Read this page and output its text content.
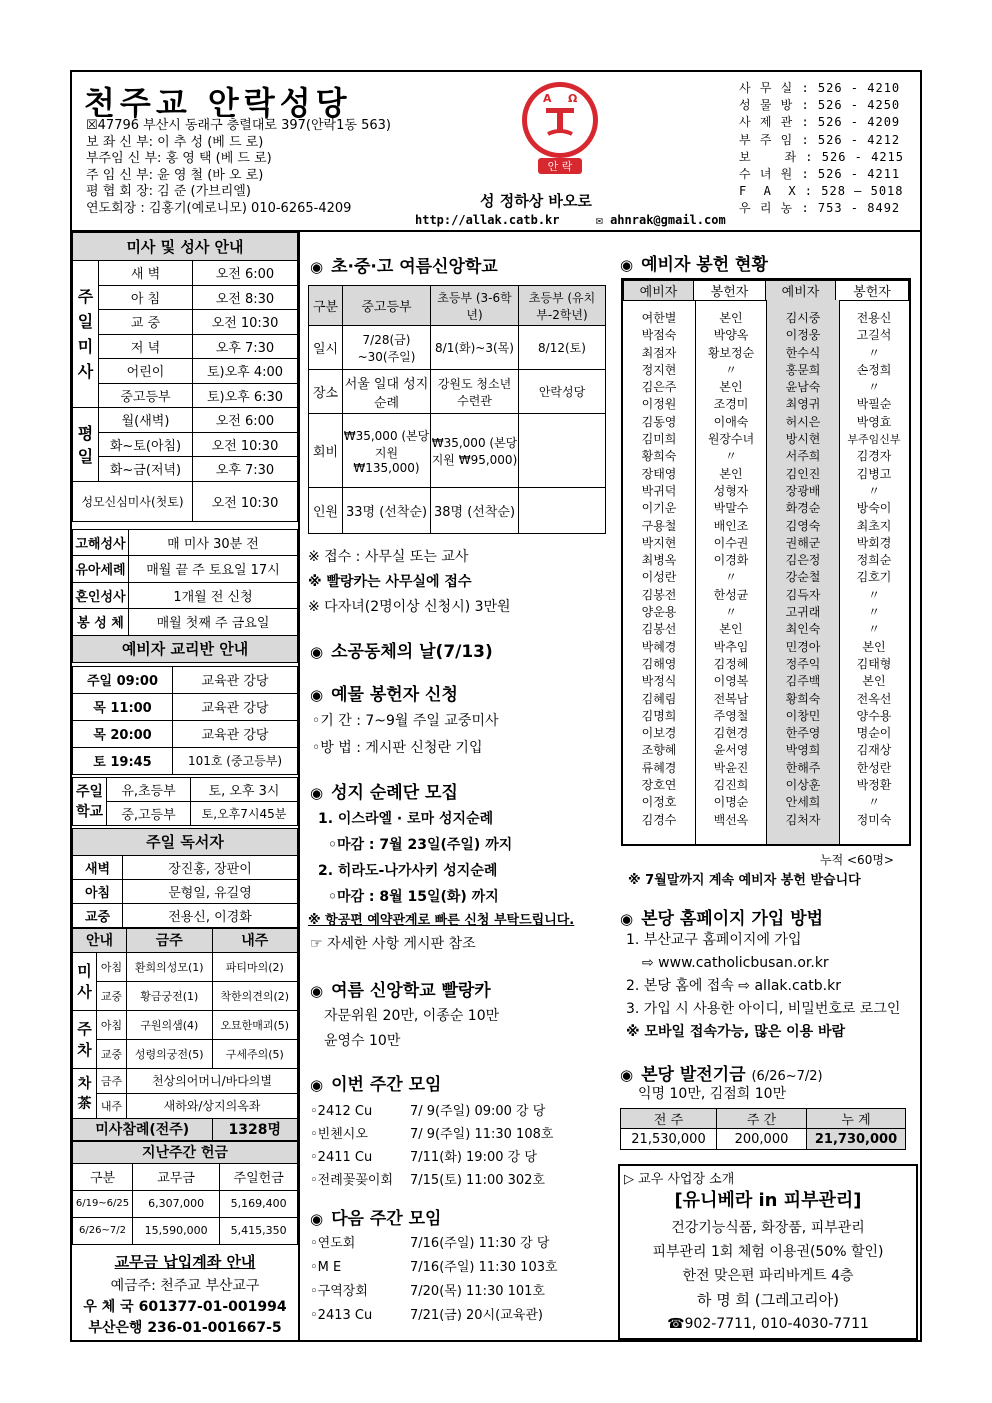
천주교 안락성당
☒47796 부산시 동래구 충렬대로 397(안락1동 563)
보 좌 신 부: 이 추 성 (베 드 로)
부주임 신 부: 홍 영 택 (베 드 로)
주 임 신 부: 윤 영 철 (바 오 로)
평 협 회 장: 김 준 (가브리엘)
연도회장 : 김홍기(예로니모) 010-6265-4209
A Ω
안 락
성 정하상 바오로
http://allak.catb.kr	✉ ahnrak@gmail.com
사 무 실 : 526 - 4210
성 물 방 : 526 - 4250
사 제 관 : 526 - 4209
부 주 임 : 526 - 4212
보    좌 : 526 - 4215
수 녀 원 : 526 - 4211
F  A  X : 528 – 5018
우 리 농 : 753 - 8492
미사 및 성사 안내		
주
일
미
사	새 벽	오전 6:00
	아 침	오전 8:30
	교 중	오전 10:30
	저 녁	오후 7:30
	어린이	토)오후 4:00
	중고등부	토)오후 6:30
평
일	월(새벽)	오전 6:00
	화~토(아침)	오전 10:30
	화~금(저녁)	오후 7:30
성모신심미사(첫토)		오전 10:30
고해성사	매 미사 30분 전
유아세례	매월 끝 주 토요일 17시
혼인성사	1개월 전 신청
봉 성 체	매월 첫째 주 금요일
예비자 교리반 안내	
주일 09:00	교육관 강당
목 11:00	교육관 강당
목 20:00	교육관 강당
토 19:45	101호 (중고등부)
주일
학교	유,초등부	토, 오후 3시
	중,고등부	토,오후7시45분
주일 독서자	
새벽	장진홍, 장판이
아침	문형일, 유길영
교중	전용신, 이경화
안내		금주	내주
미
사	아침	환희의성모(1)	파티마의(2)
	교중	황금궁전(1)	착한의견의(2)
주
차	아침	구원의샘(4)	오묘한매괴(5)
	교중	성령의궁전(5)	구세주의(5)
차
茶	금주	천상의어머니/바다의별	
	내주	새하와/상지의옥좌	
미사참례(전주)			1328명
지난주간 헌금		
구분	교무금	주일헌금
6/19~6/25	6,307,000	5,169,400
6/26~7/2	15,590,000	5,415,350
교무금 납입계좌 안내
예금주: 천주교 부산교구
우 체 국 601377-01-001994
부산은행 236-01-001667-5
◉ 초·중·고 여름신앙학교
구분	중고등부	초등부 (3-6학년)	초등부 (유치부-2학년)
일시	7/28(금) ~30(주일)	8/1(화)~3(목)	8/12(토)
장소	서울 일대 성지순례	강원도 청소년 수련관	안락성당
회비	₩35,000 (본당지원 ₩135,000)	₩35,000 (본당지원 ₩95,000)	
인원	33명 (선착순)	38명 (선착순)	
※ 접수 : 사무실 또는 교사
※ 빨랑카는 사무실에 접수
※ 다자녀(2명이상 신청시) 3만원
◉ 소공동체의 날(7/13)
◉ 예물 봉헌자 신청
◦기 간 : 7~9월 주일 교중미사
◦방 법 : 게시판 신청란 기입
◉ 성지 순례단 모집
1. 이스라엘 · 로마 성지순례
◦마감 : 7월 23일(주일) 까지
2. 히라도-나가사키 성지순례
◦마감 : 8월 15일(화) 까지
※ 항공편 예약관계로 빠른 신청 부탁드립니다.
☞ 자세한 사항 게시판 참조
◉ 여름 신앙학교 빨랑카
자문위원 20만, 이종순 10만
윤영수 10만
◉ 이번 주간 모임
◦2412 Cu	7/ 9(주일) 09:00 강 당
◦빈첸시오	7/ 9(주일) 11:30 108호
◦2411 Cu	7/11(화) 19:00 강 당
◦전례꽃꽂이회 7/15(토) 11:00 302호
◉ 다음 주간 모임
◦연도회	7/16(주일) 11:30 강 당
◦M E	7/16(주일) 11:30 103호
◦구역장회	7/20(목) 11:30 101호
◦2413 Cu	7/21(금) 20시(교육관)
◉ 예비자 봉헌 현황
예비자	봉헌자	예비자	봉헌자
여한별	본인	김시중	전용신
박점숙	박양옥	이정웅	고길석
최점자	황보정순	한수식	〃
정지현	〃	홍문희	손정희
김은주	본인	윤남숙	〃
이정원	조경미	최영귀	박필순
김동영	이애숙	허시은	박영효
김미희	원장수녀	방시현	부주임신부
황희숙	〃	서주희	김경자
장태영	본인	김인진	김병고
박귀덕	성형자	장광배	〃
이기운	박말수	화경순	방숙이
구용철	배인조	김영숙	최초지
박지현	이수권	권해군	박회경
최병옥	이경화	김은정	정희순
이성란	〃	강순철	김호기
김봉전	한성균	김득자	〃
양운용	〃	고귀래	〃
김봉선	본인	최인숙	〃
박혜경	박추임	민경아	본인
김해영	김정혜	정주익	김태형
박정식	이영복	김주백	본인
김혜림	전복남	황희숙	전옥선
김명희	주영철	이창민	양수용
이보경	김현경	한주영	명순이
조향혜	윤서영	박영희	김재상
류혜경	박윤진	한해주	한성란
장호연	김진희	이상훈	박정환
이정호	이명순	안세희	〃
김경수	백선옥	김처자	정미숙
누적 <60명>
※ 7월말까지 계속 예비자 봉헌 받습니다
◉ 본당 홈페이지 가입 방법
1. 부산교구 홈페이지에 가입
⇨ www.catholicbusan.or.kr
2. 본당 홈에 접속 ⇨ allak.catb.kr
3. 가입 시 사용한 아이디, 비밀번호로 로그인
※ 모바일 접속가능, 많은 이용 바람
◉ 본당 발전기금 (6/26~7/2)
익명 10만, 김점희 10만
전 주	주 간	누 계
21,530,000	200,000	21,730,000
▷ 교우 사업장 소개
[유니베라 in 피부관리]
건강기능식품, 화장품, 피부관리
피부관리 1회 체험 이용권(50% 할인)
한전 맞은편 파리바게트 4층
하 명 희 (그레고리아)
☎902-7711, 010-4030-7711
